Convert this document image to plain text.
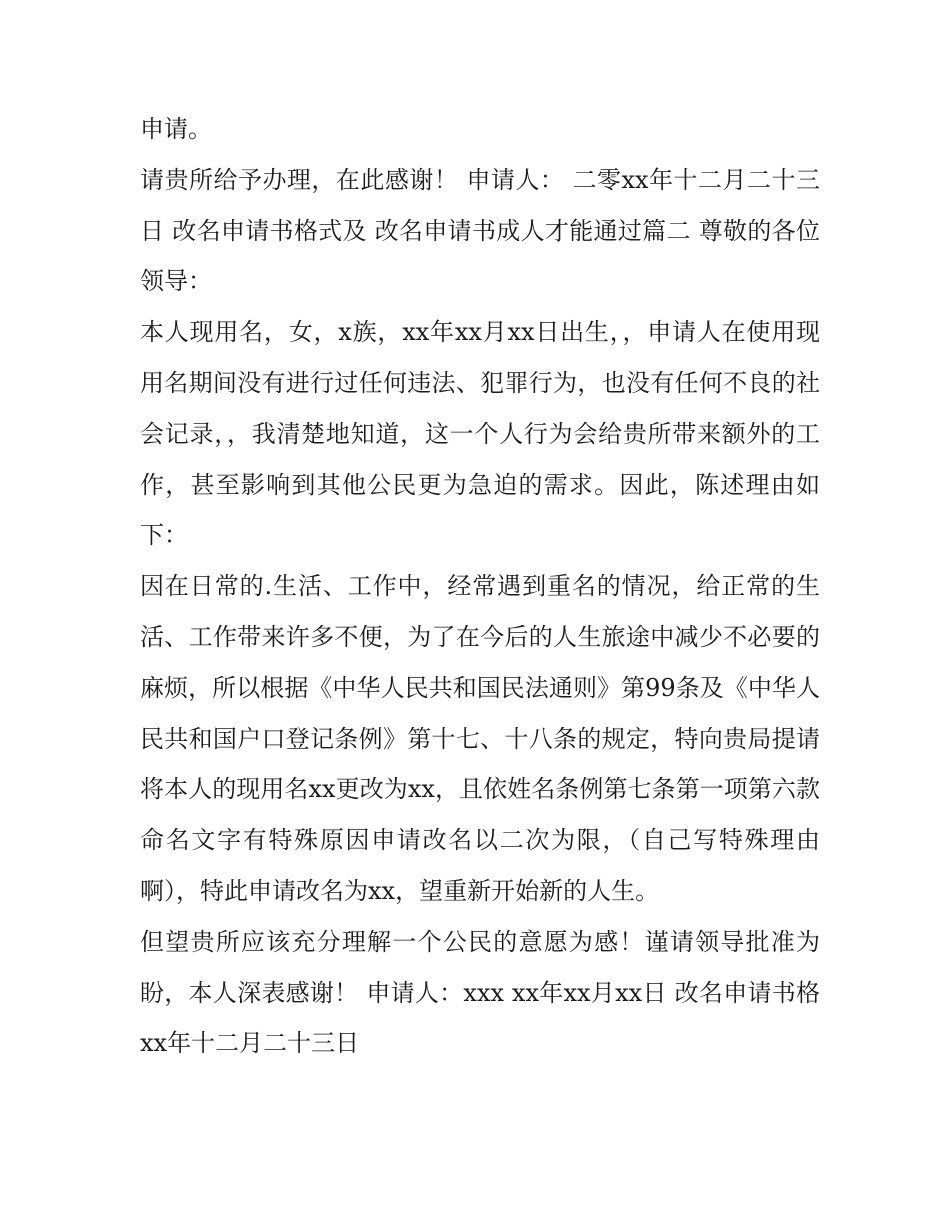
申请。

请贵所给予办理，在此感谢！ 申请人： 二零xx年十二月二十三日 改名申请书格式及 改名申请书成人才能通过篇二 尊敬的各位领导：

本人现用名，女，x族，xx年xx月xx日出生，，申请人在使用现用名期间没有进行过任何违法、犯罪行为，也没有任何不良的社会记录，，我清楚地知道，这一个人行为会给贵所带来额外的工作，甚至影响到其他公民更为急迫的需求。因此，陈述理由如下：

因在日常的.生活、工作中，经常遇到重名的情况，给正常的生活、工作带来许多不便，为了在今后的人生旅途中减少不必要的麻烦，所以根据《中华人民共和国民法通则》第99条及《中华人民共和国户口登记条例》第十七、十八条的规定，特向贵局提请将本人的现用名xx更改为xx，且依姓名条例第七条第一项第六款命名文字有特殊原因申请改名以二次为限，（自己写特殊理由啊），特此申请改名为xx，望重新开始新的人生。

但望贵所应该充分理解一个公民的意愿为感！谨请领导批准为盼，本人深表感谢！ 申请人：xxx xx年xx月xx日 改名申请书格 xx年十二月二十三日
